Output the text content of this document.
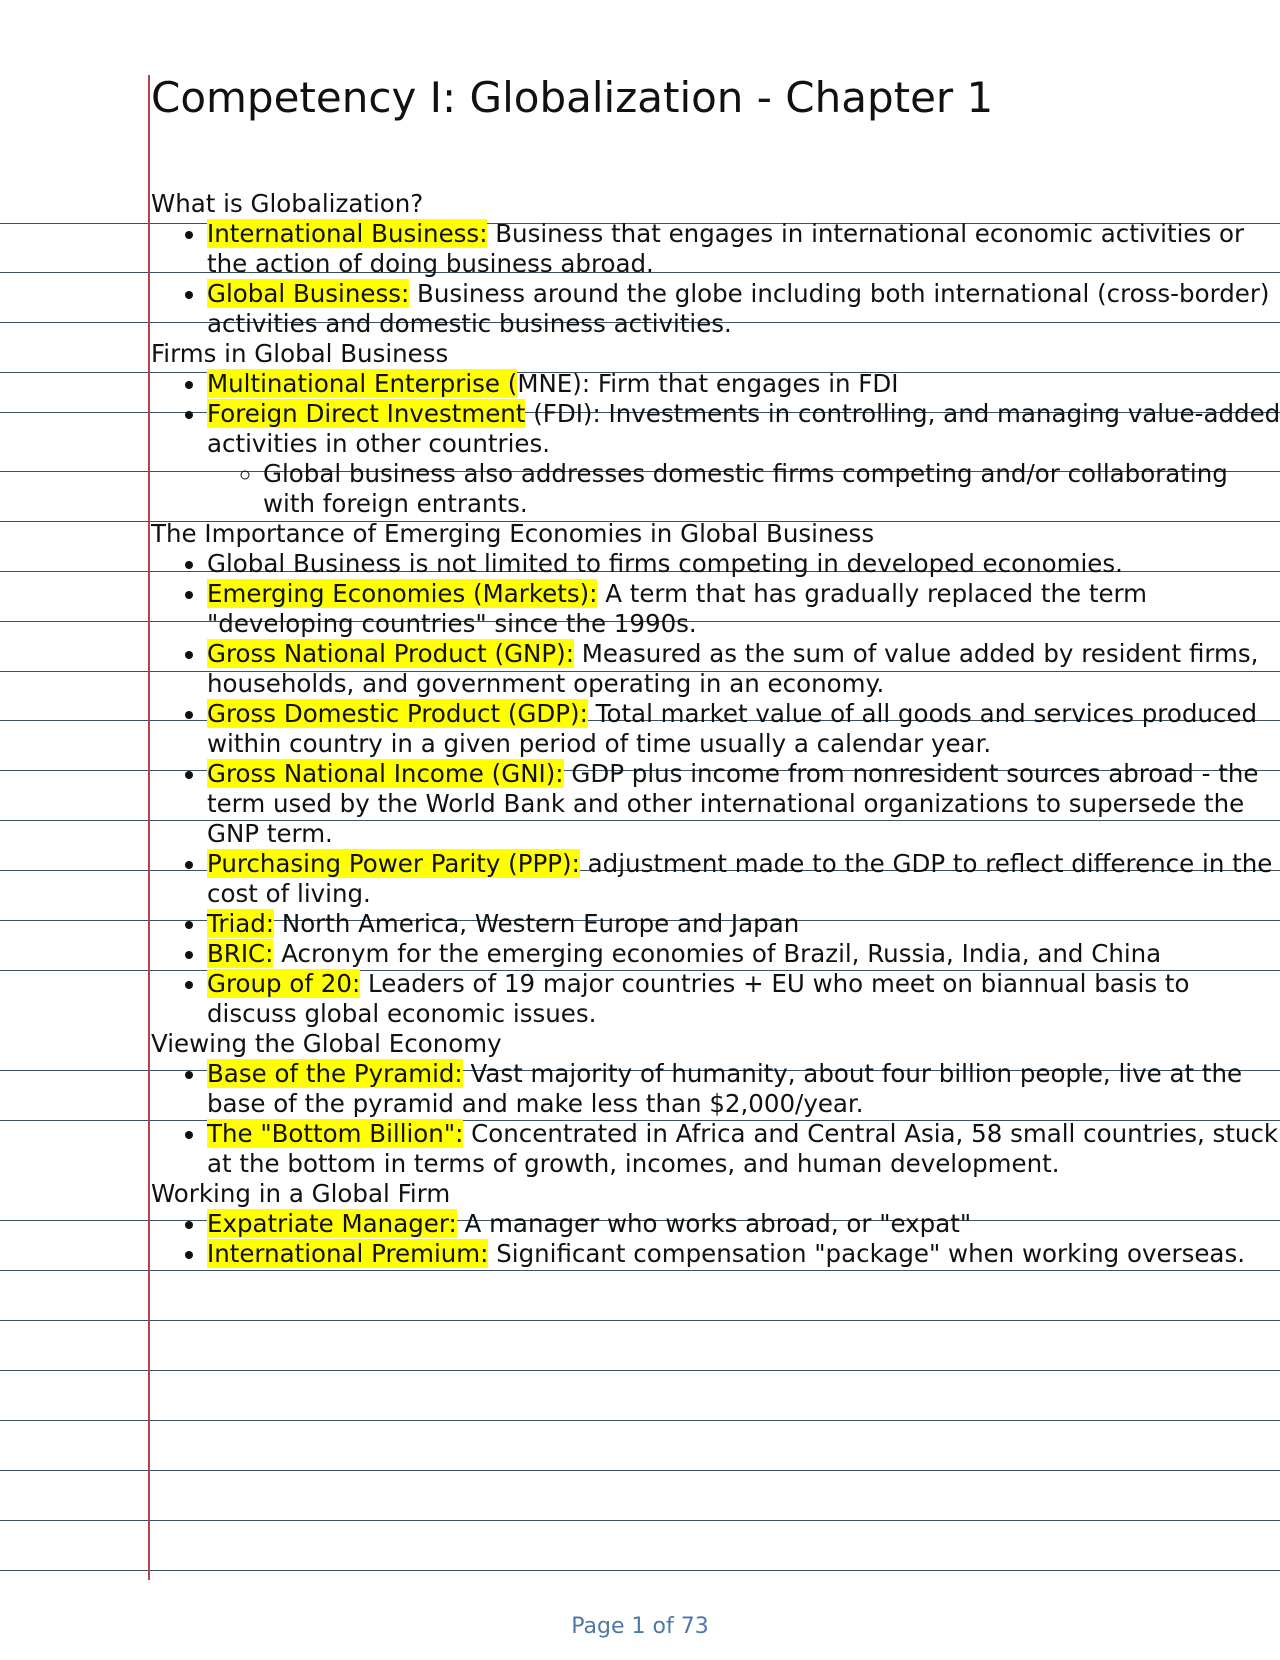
Competency I: Globalization - Chapter 1
What is Globalization?
• International Business: Business that engages in international economic activities or the action of doing business abroad.
• Global Business: Business around the globe including both international (cross-border) activities and domestic business activities.
Firms in Global Business
• Multinational Enterprise (MNE): Firm that engages in FDI
• Foreign Direct Investment (FDI): Investments in controlling, and managing value-added activities in other countries.
◦ Global business also addresses domestic firms competing and/or collaborating with foreign entrants.
The Importance of Emerging Economies in Global Business
• Global Business is not limited to firms competing in developed economies.
• Emerging Economies (Markets): A term that has gradually replaced the term "developing countries" since the 1990s.
• Gross National Product (GNP): Measured as the sum of value added by resident firms, households, and government operating in an economy.
• Gross Domestic Product (GDP): Total market value of all goods and services produced within country in a given period of time usually a calendar year.
• Gross National Income (GNI): GDP plus income from nonresident sources abroad - the term used by the World Bank and other international organizations to supersede the GNP term.
• Purchasing Power Parity (PPP): adjustment made to the GDP to reflect difference in the cost of living.
• Triad: North America, Western Europe and Japan
• BRIC: Acronym for the emerging economies of Brazil, Russia, India, and China
• Group of 20: Leaders of 19 major countries + EU who meet on biannual basis to discuss global economic issues.
Viewing the Global Economy
• Base of the Pyramid: Vast majority of humanity, about four billion people, live at the base of the pyramid and make less than $2,000/year.
• The "Bottom Billion": Concentrated in Africa and Central Asia, 58 small countries, stuck at the bottom in terms of growth, incomes, and human development.
Working in a Global Firm
• Expatriate Manager: A manager who works abroad, or "expat"
• International Premium: Significant compensation "package" when working overseas.
Page 1 of 73
